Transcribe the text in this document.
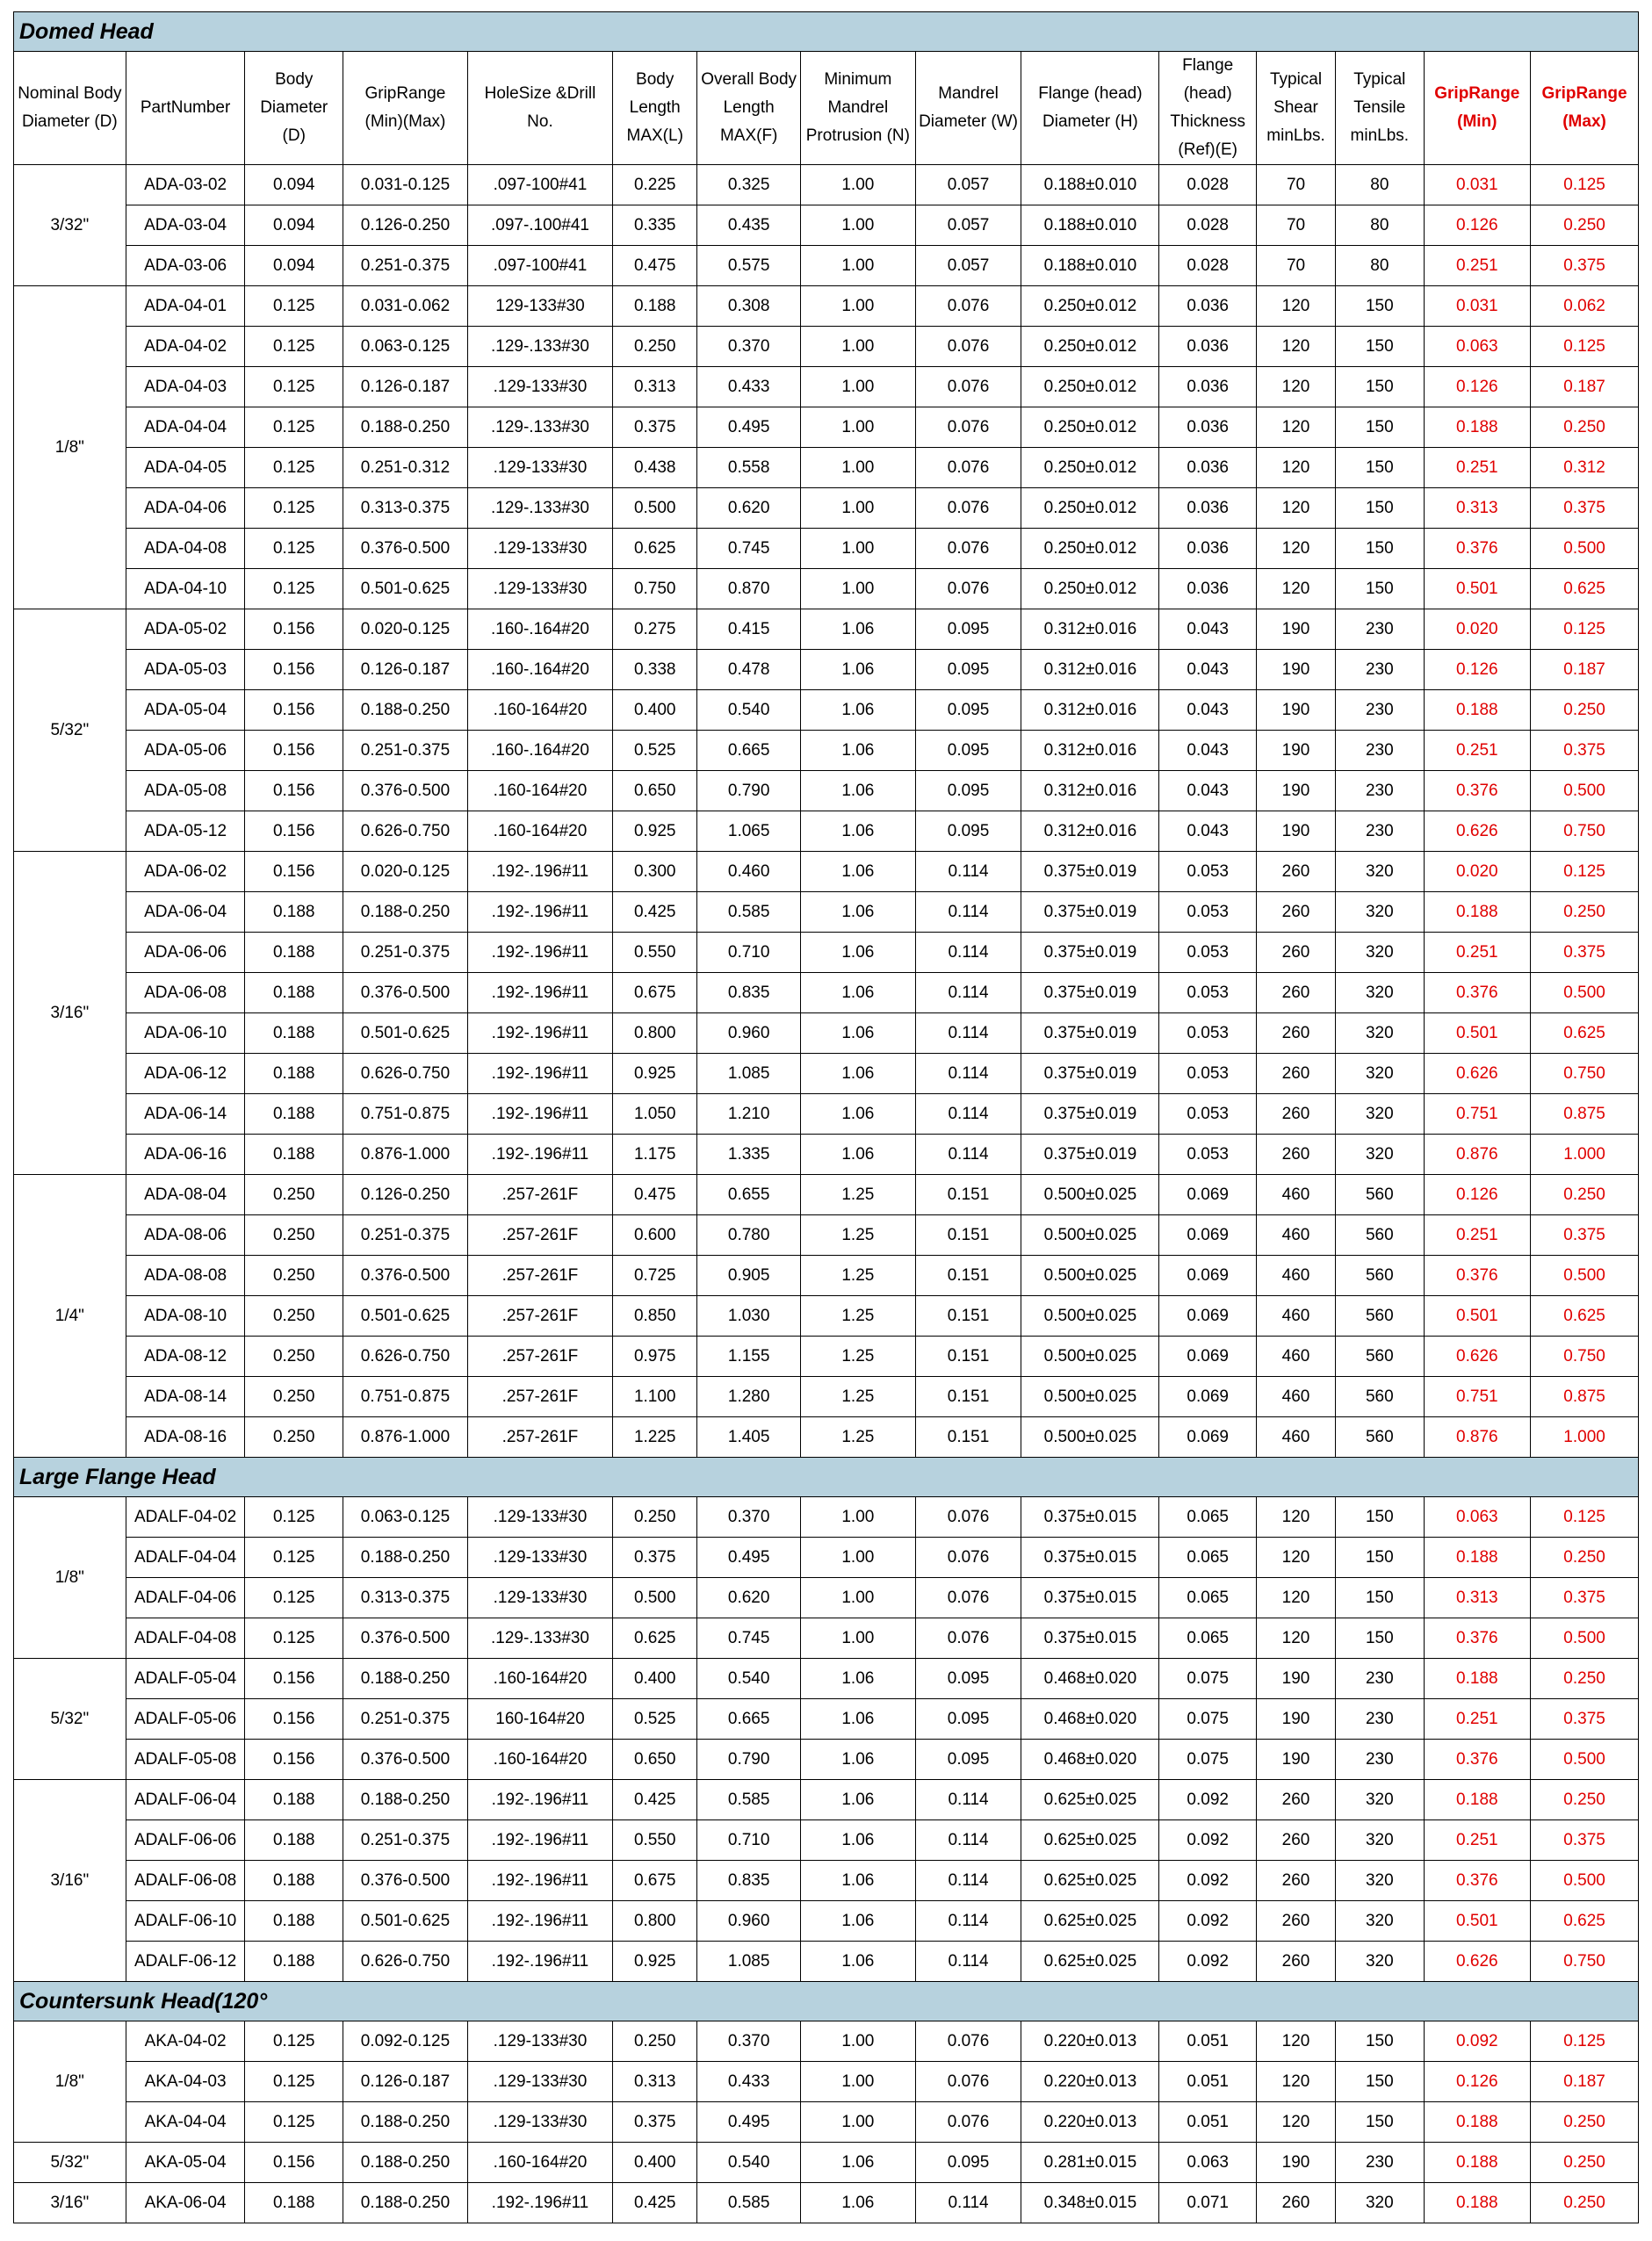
Domed Head														
Nominal Body Diameter (D)	PartNumber	Body Diameter (D)	GripRange (Min)(Max)	HoleSize &Drill No.	Body Length MAX(L)	Overall Body Length MAX(F)	Minimum Mandrel Protrusion (N)	Mandrel Diameter (W)	Flange (head) Diameter (H)	Flange (head) Thickness (Ref)(E)	Typical Shear minLbs.	Typical Tensile minLbs.	GripRange (Min)	GripRange (Max)
3/32"	ADA-03-02	0.094	0.031-0.125	.097-100#41	0.225	0.325	1.00	0.057	0.188±0.010	0.028	70	80	0.031	0.125
	ADA-03-04	0.094	0.126-0.250	.097-.100#41	0.335	0.435	1.00	0.057	0.188±0.010	0.028	70	80	0.126	0.250
	ADA-03-06	0.094	0.251-0.375	.097-100#41	0.475	0.575	1.00	0.057	0.188±0.010	0.028	70	80	0.251	0.375
1/8"	ADA-04-01	0.125	0.031-0.062	129-133#30	0.188	0.308	1.00	0.076	0.250±0.012	0.036	120	150	0.031	0.062
	ADA-04-02	0.125	0.063-0.125	.129-.133#30	0.250	0.370	1.00	0.076	0.250±0.012	0.036	120	150	0.063	0.125
	ADA-04-03	0.125	0.126-0.187	.129-133#30	0.313	0.433	1.00	0.076	0.250±0.012	0.036	120	150	0.126	0.187
	ADA-04-04	0.125	0.188-0.250	.129-.133#30	0.375	0.495	1.00	0.076	0.250±0.012	0.036	120	150	0.188	0.250
	ADA-04-05	0.125	0.251-0.312	.129-133#30	0.438	0.558	1.00	0.076	0.250±0.012	0.036	120	150	0.251	0.312
	ADA-04-06	0.125	0.313-0.375	.129-.133#30	0.500	0.620	1.00	0.076	0.250±0.012	0.036	120	150	0.313	0.375
	ADA-04-08	0.125	0.376-0.500	.129-133#30	0.625	0.745	1.00	0.076	0.250±0.012	0.036	120	150	0.376	0.500
	ADA-04-10	0.125	0.501-0.625	.129-133#30	0.750	0.870	1.00	0.076	0.250±0.012	0.036	120	150	0.501	0.625
5/32"	ADA-05-02	0.156	0.020-0.125	.160-.164#20	0.275	0.415	1.06	0.095	0.312±0.016	0.043	190	230	0.020	0.125
	ADA-05-03	0.156	0.126-0.187	.160-.164#20	0.338	0.478	1.06	0.095	0.312±0.016	0.043	190	230	0.126	0.187
	ADA-05-04	0.156	0.188-0.250	.160-164#20	0.400	0.540	1.06	0.095	0.312±0.016	0.043	190	230	0.188	0.250
	ADA-05-06	0.156	0.251-0.375	.160-.164#20	0.525	0.665	1.06	0.095	0.312±0.016	0.043	190	230	0.251	0.375
	ADA-05-08	0.156	0.376-0.500	.160-164#20	0.650	0.790	1.06	0.095	0.312±0.016	0.043	190	230	0.376	0.500
	ADA-05-12	0.156	0.626-0.750	.160-164#20	0.925	1.065	1.06	0.095	0.312±0.016	0.043	190	230	0.626	0.750
3/16"	ADA-06-02	0.156	0.020-0.125	.192-.196#11	0.300	0.460	1.06	0.114	0.375±0.019	0.053	260	320	0.020	0.125
	ADA-06-04	0.188	0.188-0.250	.192-.196#11	0.425	0.585	1.06	0.114	0.375±0.019	0.053	260	320	0.188	0.250
	ADA-06-06	0.188	0.251-0.375	.192-.196#11	0.550	0.710	1.06	0.114	0.375±0.019	0.053	260	320	0.251	0.375
	ADA-06-08	0.188	0.376-0.500	.192-.196#11	0.675	0.835	1.06	0.114	0.375±0.019	0.053	260	320	0.376	0.500
	ADA-06-10	0.188	0.501-0.625	.192-.196#11	0.800	0.960	1.06	0.114	0.375±0.019	0.053	260	320	0.501	0.625
	ADA-06-12	0.188	0.626-0.750	.192-.196#11	0.925	1.085	1.06	0.114	0.375±0.019	0.053	260	320	0.626	0.750
	ADA-06-14	0.188	0.751-0.875	.192-.196#11	1.050	1.210	1.06	0.114	0.375±0.019	0.053	260	320	0.751	0.875
	ADA-06-16	0.188	0.876-1.000	.192-.196#11	1.175	1.335	1.06	0.114	0.375±0.019	0.053	260	320	0.876	1.000
1/4"	ADA-08-04	0.250	0.126-0.250	.257-261F	0.475	0.655	1.25	0.151	0.500±0.025	0.069	460	560	0.126	0.250
	ADA-08-06	0.250	0.251-0.375	.257-261F	0.600	0.780	1.25	0.151	0.500±0.025	0.069	460	560	0.251	0.375
	ADA-08-08	0.250	0.376-0.500	.257-261F	0.725	0.905	1.25	0.151	0.500±0.025	0.069	460	560	0.376	0.500
	ADA-08-10	0.250	0.501-0.625	.257-261F	0.850	1.030	1.25	0.151	0.500±0.025	0.069	460	560	0.501	0.625
	ADA-08-12	0.250	0.626-0.750	.257-261F	0.975	1.155	1.25	0.151	0.500±0.025	0.069	460	560	0.626	0.750
	ADA-08-14	0.250	0.751-0.875	.257-261F	1.100	1.280	1.25	0.151	0.500±0.025	0.069	460	560	0.751	0.875
	ADA-08-16	0.250	0.876-1.000	.257-261F	1.225	1.405	1.25	0.151	0.500±0.025	0.069	460	560	0.876	1.000
Large Flange Head														
1/8"	ADALF-04-02	0.125	0.063-0.125	.129-133#30	0.250	0.370	1.00	0.076	0.375±0.015	0.065	120	150	0.063	0.125
	ADALF-04-04	0.125	0.188-0.250	.129-133#30	0.375	0.495	1.00	0.076	0.375±0.015	0.065	120	150	0.188	0.250
	ADALF-04-06	0.125	0.313-0.375	.129-133#30	0.500	0.620	1.00	0.076	0.375±0.015	0.065	120	150	0.313	0.375
	ADALF-04-08	0.125	0.376-0.500	.129-.133#30	0.625	0.745	1.00	0.076	0.375±0.015	0.065	120	150	0.376	0.500
5/32"	ADALF-05-04	0.156	0.188-0.250	.160-164#20	0.400	0.540	1.06	0.095	0.468±0.020	0.075	190	230	0.188	0.250
	ADALF-05-06	0.156	0.251-0.375	160-164#20	0.525	0.665	1.06	0.095	0.468±0.020	0.075	190	230	0.251	0.375
	ADALF-05-08	0.156	0.376-0.500	.160-164#20	0.650	0.790	1.06	0.095	0.468±0.020	0.075	190	230	0.376	0.500
3/16"	ADALF-06-04	0.188	0.188-0.250	.192-.196#11	0.425	0.585	1.06	0.114	0.625±0.025	0.092	260	320	0.188	0.250
	ADALF-06-06	0.188	0.251-0.375	.192-.196#11	0.550	0.710	1.06	0.114	0.625±0.025	0.092	260	320	0.251	0.375
	ADALF-06-08	0.188	0.376-0.500	.192-.196#11	0.675	0.835	1.06	0.114	0.625±0.025	0.092	260	320	0.376	0.500
	ADALF-06-10	0.188	0.501-0.625	.192-.196#11	0.800	0.960	1.06	0.114	0.625±0.025	0.092	260	320	0.501	0.625
	ADALF-06-12	0.188	0.626-0.750	.192-.196#11	0.925	1.085	1.06	0.114	0.625±0.025	0.092	260	320	0.626	0.750
Countersunk Head(120°														
1/8"	AKA-04-02	0.125	0.092-0.125	.129-133#30	0.250	0.370	1.00	0.076	0.220±0.013	0.051	120	150	0.092	0.125
	AKA-04-03	0.125	0.126-0.187	.129-133#30	0.313	0.433	1.00	0.076	0.220±0.013	0.051	120	150	0.126	0.187
	AKA-04-04	0.125	0.188-0.250	.129-133#30	0.375	0.495	1.00	0.076	0.220±0.013	0.051	120	150	0.188	0.250
5/32"	AKA-05-04	0.156	0.188-0.250	.160-164#20	0.400	0.540	1.06	0.095	0.281±0.015	0.063	190	230	0.188	0.250
3/16"	AKA-06-04	0.188	0.188-0.250	.192-.196#11	0.425	0.585	1.06	0.114	0.348±0.015	0.071	260	320	0.188	0.250
